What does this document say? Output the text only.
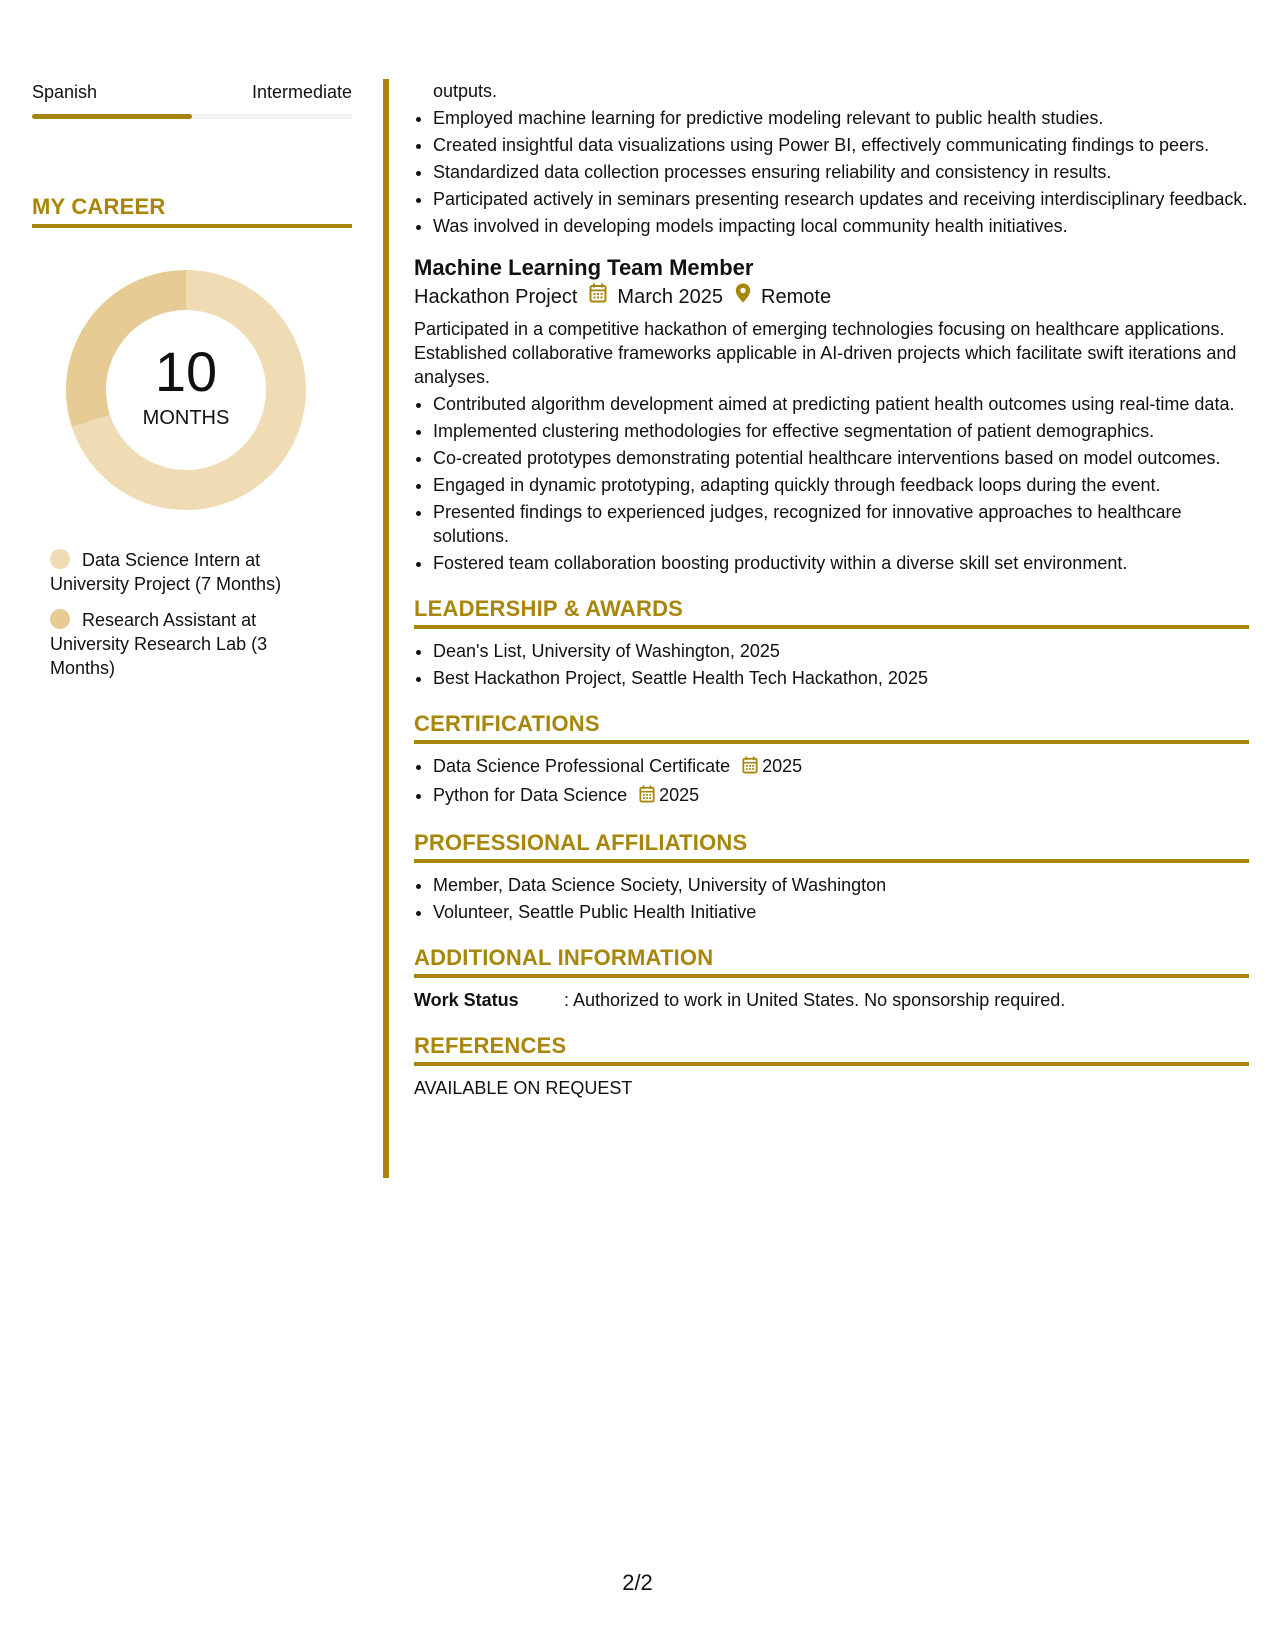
Spanish	Intermediate
MY CAREER
10
MONTHS
Data Science Intern at University Project (7 Months)
Research Assistant at University Research Lab (3 Months)
outputs.
• Employed machine learning for predictive modeling relevant to public health studies.
• Created insightful data visualizations using Power BI, effectively communicating findings to peers.
• Standardized data collection processes ensuring reliability and consistency in results.
• Participated actively in seminars presenting research updates and receiving interdisciplinary feedback.
• Was involved in developing models impacting local community health initiatives.
Machine Learning Team Member
Hackathon Project March 2025 Remote
Participated in a competitive hackathon of emerging technologies focusing on healthcare applications. Established collaborative frameworks applicable in AI-driven projects which facilitate swift iterations and analyses.
• Contributed algorithm development aimed at predicting patient health outcomes using real-time data.
• Implemented clustering methodologies for effective segmentation of patient demographics.
• Co-created prototypes demonstrating potential healthcare interventions based on model outcomes.
• Engaged in dynamic prototyping, adapting quickly through feedback loops during the event.
• Presented findings to experienced judges, recognized for innovative approaches to healthcare solutions.
• Fostered team collaboration boosting productivity within a diverse skill set environment.
LEADERSHIP & AWARDS
• Dean's List, University of Washington, 2025
• Best Hackathon Project, Seattle Health Tech Hackathon, 2025
CERTIFICATIONS
• Data Science Professional Certificate 2025
• Python for Data Science 2025
PROFESSIONAL AFFILIATIONS
• Member, Data Science Society, University of Washington
• Volunteer, Seattle Public Health Initiative
ADDITIONAL INFORMATION
Work Status	: Authorized to work in United States. No sponsorship required.
REFERENCES
AVAILABLE ON REQUEST
2/2
